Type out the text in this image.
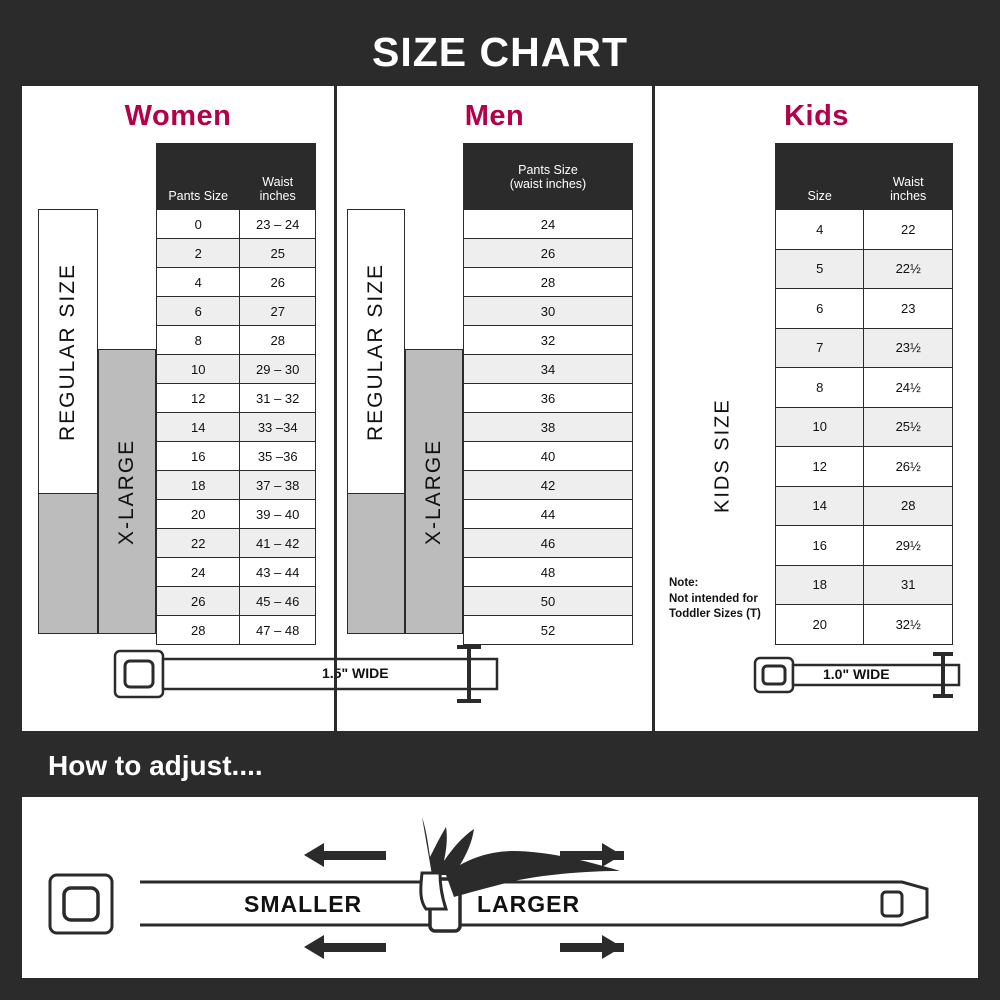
SIZE CHART
Women
REGULAR SIZE
X-LARGE
Pants Size	Waist
inches

0	23 – 24
2	25
4	26
6	27
8	28
10	29 – 30
12	31 – 32
14	33 –34
16	35 –36
18	37 – 38
20	39 – 40
22	41 – 42
24	43 – 44
26	45 – 46
28	47 – 48
1.5" WIDE
Men
REGULAR SIZE
X-LARGE
Pants Size
(waist inches)

24
26
28
30
32
34
36
38
40
42
44
46
48
50
52
Kids
KIDS SIZE
Note:
Not intended for
Toddler Sizes (T)
Size	Waist
inches

4	22
5	22½
6	23
7	23½
8	24½
10	25½
12	26½
14	28
16	29½
18	31
20	32½
1.0" WIDE
How to adjust....
SMALLER	LARGER
